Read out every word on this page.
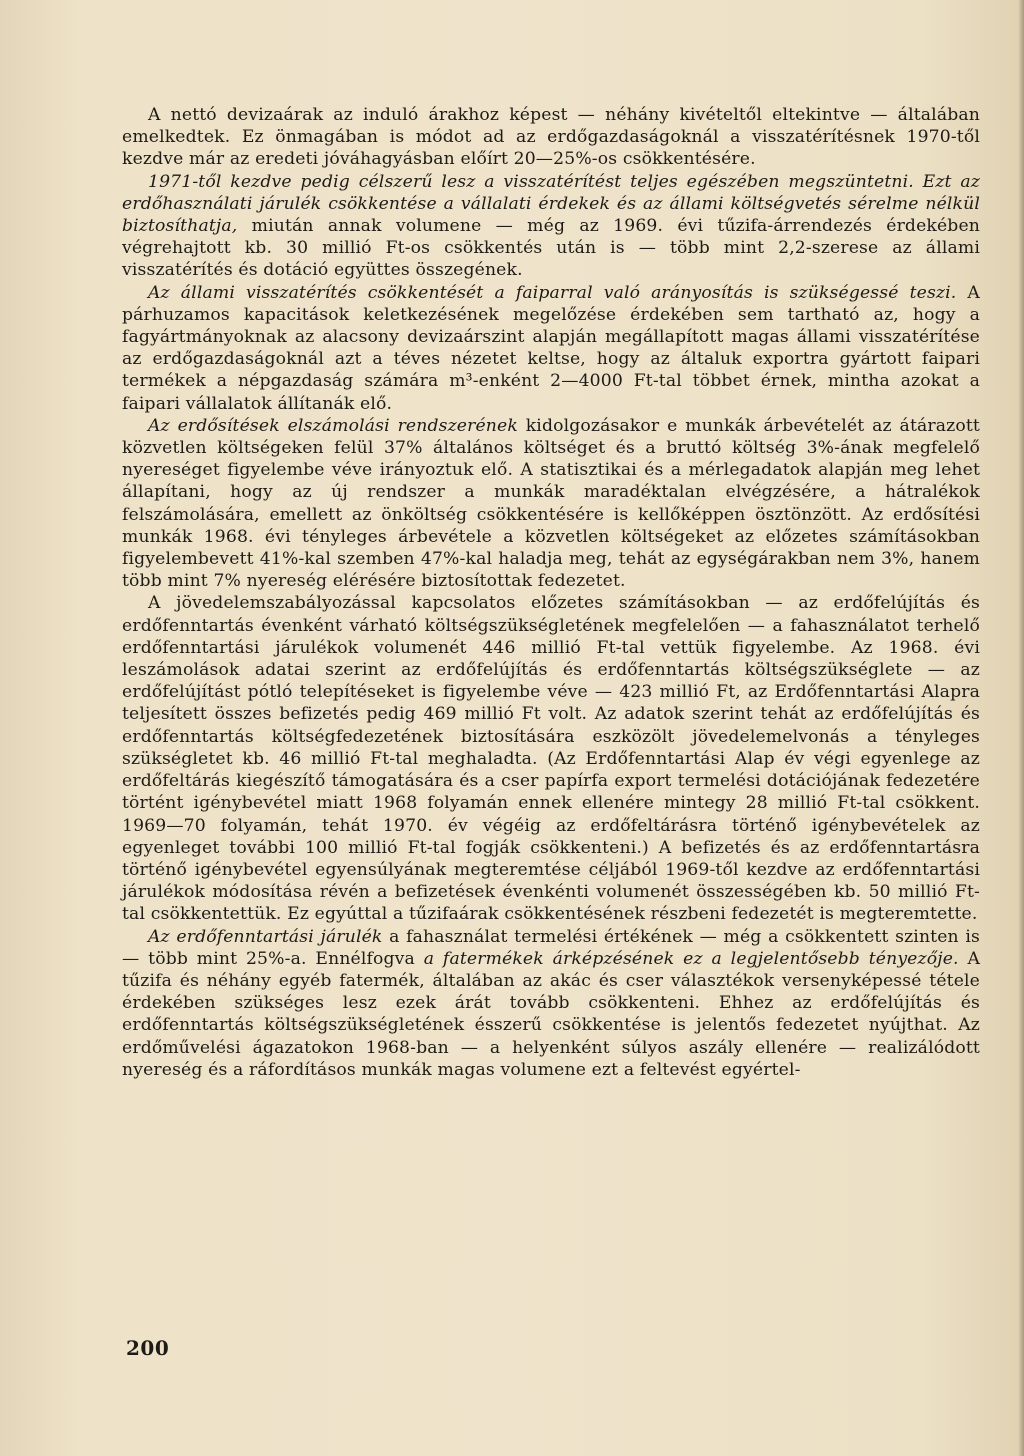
A nettó devizaárak az induló árakhoz képest — néhány kivételtől eltekintve — általában emelkedtek. Ez önmagában is módot ad az erdőgazdaságoknál a visszatérítésnek 1970-től kezdve már az eredeti jóváhagyásban előírt 20—25%-os csökkentésére.

1971-től kezdve pedig célszerű lesz a visszatérítést teljes egészében megszüntetni. Ezt az erdőhasználati járulék csökkentése a vállalati érdekek és az állami költségvetés sérelme nélkül biztosíthatja, miután annak volumene — még az 1969. évi tűzifa-árrendezés érdekében végrehajtott kb. 30 millió Ft-os csökkentés után is — több mint 2,2-szerese az állami visszatérítés és dotáció együttes összegének.

Az állami visszatérítés csökkentését a faiparral való arányosítás is szükségessé teszi. A párhuzamos kapacitások keletkezésének megelőzése érdekében sem tartható az, hogy a fagyártmányoknak az alacsony devizaárszint alapján megállapított magas állami visszatérítése az erdőgazdaságoknál azt a téves nézetet keltse, hogy az általuk exportra gyártott faipari termékek a népgazdaság számára m³-enként 2—4000 Ft-tal többet érnek, mintha azokat a faipari vállalatok állítanák elő.

Az erdősítések elszámolási rendszerének kidolgozásakor e munkák árbevételét az átárazott közvetlen költségeken felül 37% általános költséget és a bruttó költség 3%-ának megfelelő nyereséget figyelembe véve irányoztuk elő. A statisztikai és a mérlegadatok alapján meg lehet állapítani, hogy az új rendszer a munkák maradéktalan elvégzésére, a hátralékok felszámolására, emellett az önköltség csökkentésére is kellőképpen ösztönzött. Az erdősítési munkák 1968. évi tényleges árbevétele a közvetlen költségeket az előzetes számításokban figyelembevett 41%-kal szemben 47%-kal haladja meg, tehát az egységárakban nem 3%, hanem több mint 7% nyereség elérésére biztosítottak fedezetet.

A jövedelemszabályozással kapcsolatos előzetes számításokban — az erdőfelújítás és erdőfenntartás évenként várható költségszükségletének megfelelően — a fahasználatot terhelő erdőfenntartási járulékok volumenét 446 millió Ft-tal vettük figyelembe. Az 1968. évi leszámolások adatai szerint az erdőfelújítás és erdőfenntartás költségszükséglete — az erdőfelújítást pótló telepítéseket is figyelembe véve — 423 millió Ft, az Erdőfenntartási Alapra teljesített összes befizetés pedig 469 millió Ft volt. Az adatok szerint tehát az erdőfelújítás és erdőfenntartás költségfedezetének biztosítására eszközölt jövedelemelvonás a tényleges szükségletet kb. 46 millió Ft-tal meghaladta. (Az Erdőfenntartási Alap év végi egyenlege az erdőfeltárás kiegészítő támogatására és a cser papírfa export termelési dotációjának fedezetére történt igénybevétel miatt 1968 folyamán ennek ellenére mintegy 28 millió Ft-tal csökkent. 1969—70 folyamán, tehát 1970. év végéig az erdőfeltárásra történő igénybevételek az egyenleget további 100 millió Ft-tal fogják csökkenteni.) A befizetés és az erdőfenntartásra történő igénybevétel egyensúlyának megteremtése céljából 1969-től kezdve az erdőfenntartási járulékok módosítása révén a befizetések évenkénti volumenét összességében kb. 50 millió Ft-tal csökkentettük. Ez egyúttal a tűzifaárak csökkentésének részbeni fedezetét is megteremtette.

Az erdőfenntartási járulék a fahasználat termelési értékének — még a csökkentett szinten is — több mint 25%-a. Ennélfogva a fatermékek árképzésének ez a legjelentősebb tényezője. A tűzifa és néhány egyéb fatermék, általában az akác és cser választékok versenyképessé tétele érdekében szükséges lesz ezek árát tovább csökkenteni. Ehhez az erdőfelújítás és erdőfenntartás költségszükségletének ésszerű csökkentése is jelentős fedezetet nyújthat. Az erdőművelési ágazatokon 1968-ban — a helyenként súlyos aszály ellenére — realizálódott nyereség és a ráfordításos munkák magas volumene ezt a feltevést egyértel-

200
